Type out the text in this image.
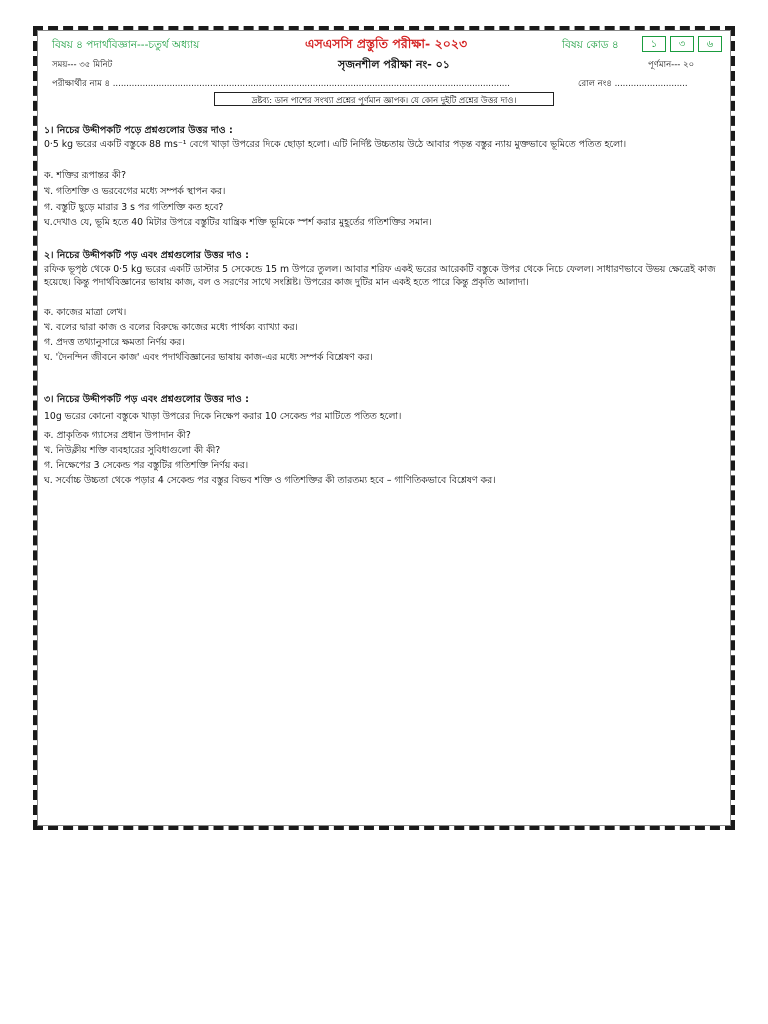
বিষয় ৪ পদার্থবিজ্ঞান---চতুর্থ অধ্যায়	এসএসসি প্রস্তুতি পরীক্ষা- ২০২৩	বিষয় কোড ৪	১	৩	৬
সময়--- ৩৫ মিনিট	সৃজনশীল পরীক্ষা নং- ০১	পূর্ণমান--- ২০
পরীক্ষার্থীর নাম ৪ ...................................................................................................................................................	রোল নং৪ ...........................
দ্রষ্টব্য: ডান পাশের সংখ্যা প্রশ্নের পূর্ণমান জ্ঞাপক। যে কোন দুইটি প্রশ্নের উত্তর দাও।
১। নিচের উদ্দীপকটি পড়ে প্রশ্নগুলোর উত্তর দাও :
0·5 kg ভরের একটি বস্তুকে 88 ms⁻¹ বেগে খাড়া উপরের দিকে ছোড়া হলো। এটি নির্দিষ্ট উচ্চতায় উঠে আবার পড়ন্ত বস্তুর ন্যায় মুক্তভাবে ভূমিতে পতিত হলো।
ক. শক্তির রূপান্তর কী?
খ. গতিশক্তি ও ভরবেগের মধ্যে সম্পর্ক স্থাপন কর।
গ. বস্তুটি ছুড়ে মারার 3 s পর গতিশক্তি কত হবে?
ঘ.দেখাও যে, ভূমি হতে 40 মিটার উপরে বস্তুটির যান্ত্রিক শক্তি ভূমিকে স্পর্শ করার মুহূর্তের গতিশক্তির সমান।
২। নিচের উদ্দীপকটি পড় এবং প্রশ্নগুলোর উত্তর দাও :
রফিক ভূপৃষ্ঠ থেকে 0·5 kg ভরের একটি ডাস্টার 5 সেকেন্ডে 15 m উপরে তুলল। আবার শরিফ একই ভরের আরেকটি বস্তুকে উপর থেকে নিচে ফেলল। সাধারণভাবে উভয় ক্ষেত্রেই কাজ হয়েছে। কিন্তু পদার্থবিজ্ঞানের ভাষায় কাজ, বল ও সরণের সাথে সংশ্লিষ্ট। উপরের কাজ দুটির মান একই হতে পারে কিন্তু প্রকৃতি আলাদা।
ক. কাজের মাত্রা লেখ।
খ. বলের দ্বারা কাজ ও বলের বিরুদ্ধে কাজের মধ্যে পার্থক্য ব্যাখ্যা কর।
গ. প্রদত্ত তথ্যানুসারে ক্ষমতা নির্ণয় কর।
ঘ. 'দৈনন্দিন জীবনে কাজ' এবং পদার্থবিজ্ঞানের ভাষায় কাজ-এর মধ্যে সম্পর্ক বিশ্লেষণ কর।
৩। নিচের উদ্দীপকটি পড় এবং প্রশ্নগুলোর উত্তর দাও :
10g ভরের কোনো বস্তুকে খাড়া উপরের দিকে নিক্ষেপ করার 10 সেকেন্ড পর মাটিতে পতিত হলো।
ক. প্রাকৃতিক গ্যাসের প্রধান উপাদান কী?
খ. নিউক্লীয় শক্তি ব্যবহারের সুবিধাগুলো কী কী?
গ. নিক্ষেপের 3 সেকেন্ড পর বস্তুটির গতিশক্তি নির্ণয় কর।
ঘ. সর্বোচ্চ উচ্চতা থেকে পড়ার 4 সেকেন্ড পর বস্তুর বিভব শক্তি ও গতিশক্তির কী তারতম্য হবে – গাণিতিকভাবে বিশ্লেষণ কর।
